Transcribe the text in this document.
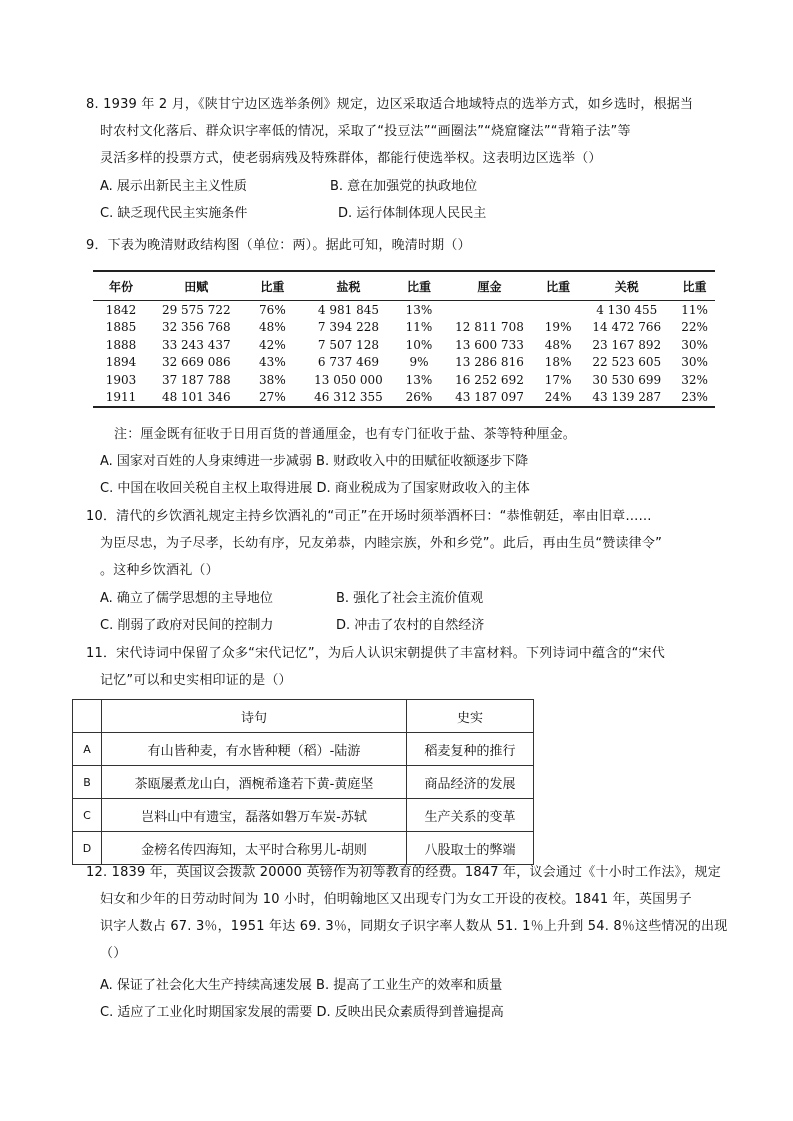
8. 1939 年 2 月，《陕甘宁边区选举条例》规定，边区采取适合地域特点的选举方式，如乡选时，根据当
时农村文化落后、群众识字率低的情况，采取了“投豆法”“画圈法”“烧窟窿法”“背箱子法”等
灵活多样的投票方式，使老弱病残及特殊群体，都能行使选举权。这表明边区选举（）
A. 展示出新民主主义性质	B. 意在加强党的执政地位
C. 缺乏现代民主实施条件	D. 运行体制体现人民民主
9．下表为晚清财政结构图（单位：两）。据此可知，晚清时期（）
年份	田赋	比重	盐税	比重	厘金	比重	关税	比重
1842	29 575 722	76%	4 981 845	13%			4 130 455	11%
1885	32 356 768	48%	7 394 228	11%	12 811 708	19%	14 472 766	22%
1888	33 243 437	42%	7 507 128	10%	13 600 733	48%	23 167 892	30%
1894	32 669 086	43%	6 737 469	9%	13 286 816	18%	22 523 605	30%
1903	37 187 788	38%	13 050 000	13%	16 252 692	17%	30 530 699	32%
1911	48 101 346	27%	46 312 355	26%	43 187 097	24%	43 139 287	23%
注：厘金既有征收于日用百货的普通厘金，也有专门征收于盐、茶等特种厘金。
A. 国家对百姓的人身束缚进一步减弱 B. 财政收入中的田赋征收额逐步下降
C. 中国在收回关税自主权上取得进展 D. 商业税成为了国家财政收入的主体
10．清代的乡饮酒礼规定主持乡饮酒礼的“司正”在开场时须举酒杯曰：“恭惟朝廷，率由旧章……
为臣尽忠，为子尽孝，长幼有序，兄友弟恭，内睦宗族，外和乡党”。此后，再由生员“赞读律令”
。这种乡饮酒礼（）
A. 确立了儒学思想的主导地位	B. 强化了社会主流价值观
C. 削弱了政府对民间的控制力	D. 冲击了农村的自然经济
11．宋代诗词中保留了众多“宋代记忆”，为后人认识宋朝提供了丰富材料。下列诗词中蕴含的“宋代
记忆”可以和史实相印证的是（）
	诗句	史实
A	有山皆种麦，有水皆种粳（稻）-陆游	稻麦复种的推行
B	茶瓯屡煮龙山白，酒椀希逢若下黄-黄庭坚	商品经济的发展
C	岂料山中有遗宝，磊落如磐万车炭-苏轼	生产关系的变革
D	金榜名传四海知，太平时合称男儿-胡则	八股取士的弊端
12. 1839 年，英国议会拨款 20000 英镑作为初等教育的经费。1847 年，议会通过《十小时工作法》，规定
妇女和少年的日劳动时间为 10 小时，伯明翰地区又出现专门为女工开设的夜校。1841 年，英国男子
识字人数占 67. 3％，1951 年达 69. 3％，同期女子识字率人数从 51. 1％上升到 54. 8％这些情况的出现
（）
A. 保证了社会化大生产持续高速发展 B. 提高了工业生产的效率和质量
C. 适应了工业化时期国家发展的需要 D. 反映出民众素质得到普遍提高
